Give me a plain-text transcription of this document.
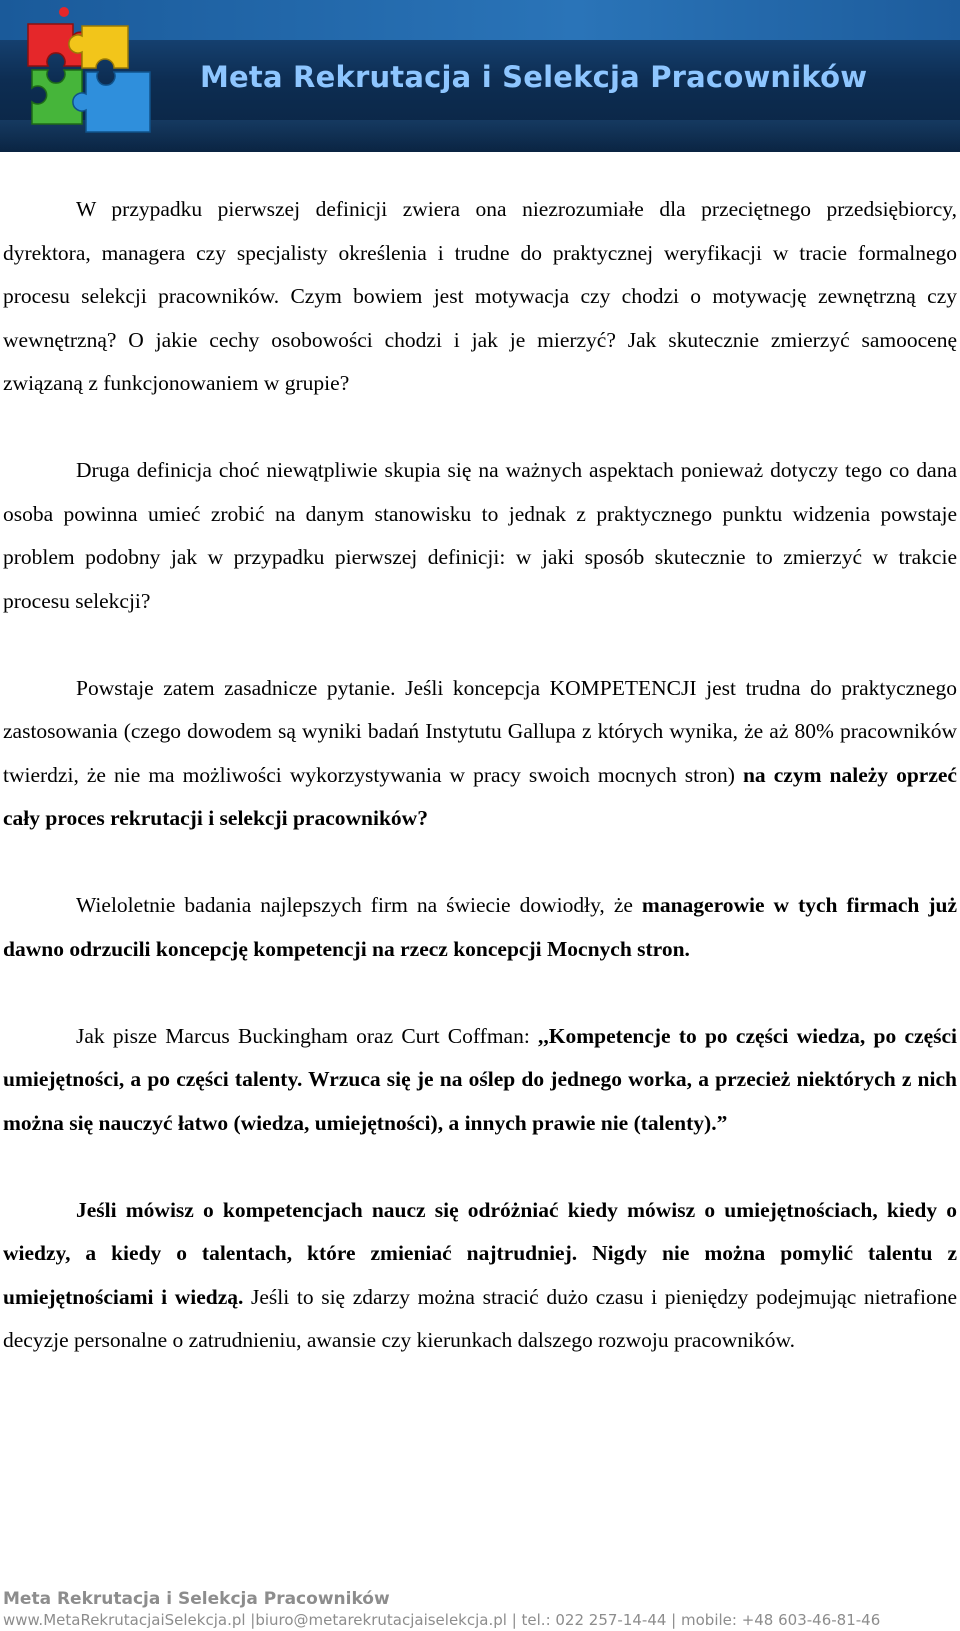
Meta Rekrutacja i Selekcja Pracowników

W przypadku pierwszej definicji zwiera ona niezrozumiałe dla przeciętnego przedsiębiorcy, dyrektora, managera czy specjalisty określenia i trudne do praktycznej weryfikacji w tracie formalnego procesu selekcji pracowników. Czym bowiem jest motywacja czy chodzi o motywację zewnętrzną czy wewnętrzną? O jakie cechy osobowości chodzi i jak je mierzyć? Jak skutecznie zmierzyć samoocenę związaną z funkcjonowaniem w grupie?

Druga definicja choć niewątpliwie skupia się na ważnych aspektach ponieważ dotyczy tego co dana osoba powinna umieć zrobić na danym stanowisku to jednak z praktycznego punktu widzenia powstaje problem podobny jak w przypadku pierwszej definicji: w jaki sposób skutecznie to zmierzyć w trakcie procesu selekcji?

Powstaje zatem zasadnicze pytanie. Jeśli koncepcja KOMPETENCJI jest trudna do praktycznego zastosowania (czego dowodem są wyniki badań Instytutu Gallupa z których wynika, że aż 80% pracowników twierdzi, że nie ma możliwości wykorzystywania w pracy swoich mocnych stron) na czym należy oprzeć cały proces rekrutacji i selekcji pracowników?

Wieloletnie badania najlepszych firm na świecie dowiodły, że managerowie w tych firmach już dawno odrzucili koncepcję kompetencji na rzecz koncepcji Mocnych stron.

Jak pisze Marcus Buckingham oraz Curt Coffman: ,,Kompetencje to po części wiedza, po części umiejętności, a po części talenty. Wrzuca się je na oślep do jednego worka, a przecież niektórych z nich można się nauczyć łatwo (wiedza, umiejętności), a innych prawie nie (talenty).”

Jeśli mówisz o kompetencjach naucz się odróżniać kiedy mówisz o umiejętnościach, kiedy o wiedzy, a kiedy o talentach, które zmieniać najtrudniej. Nigdy nie można pomylić talentu z umiejętnościami i wiedzą. Jeśli to się zdarzy można stracić dużo czasu i pieniędzy podejmując nietrafione decyzje personalne o zatrudnieniu, awansie czy kierunkach dalszego rozwoju pracowników.

Meta Rekrutacja i Selekcja Pracowników
www.MetaRekrutacjaiSelekcja.pl |biuro@metarekrutacjaiselekcja.pl | tel.: 022 257-14-44 | mobile: +48 603-46-81-46
